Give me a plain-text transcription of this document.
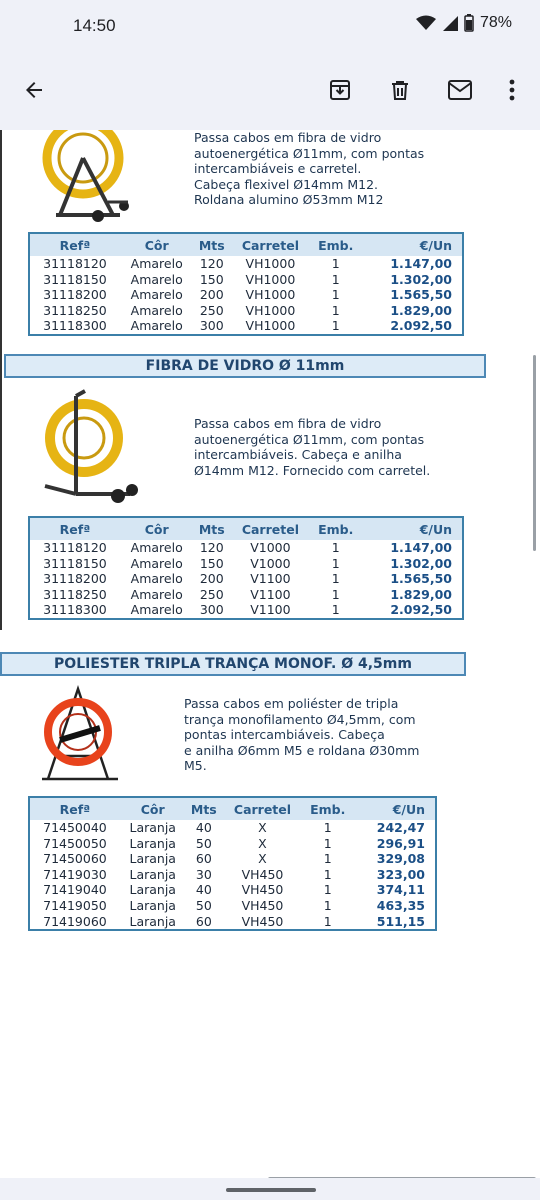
14:50	78%
Passa cabos em fibra de vidro
autoenergética Ø11mm, com pontas
intercambiáveis e carretel.
Cabeça flexivel Ø14mm M12.
Roldana alumino Ø53mm M12
Refª	Côr	Mts	Carretel	Emb.	€/Un
31118120	Amarelo	120	VH1000	1	1.147,00
31118150	Amarelo	150	VH1000	1	1.302,00
31118200	Amarelo	200	VH1000	1	1.565,50
31118250	Amarelo	250	VH1000	1	1.829,00
31118300	Amarelo	300	VH1000	1	2.092,50
FIBRA DE VIDRO Ø 11mm
Passa cabos em fibra de vidro
autoenergética Ø11mm, com pontas
intercambiáveis. Cabeça e anilha
Ø14mm M12. Fornecido com carretel.
Refª	Côr	Mts	Carretel	Emb.	€/Un
31118120	Amarelo	120	V1000	1	1.147,00
31118150	Amarelo	150	V1000	1	1.302,00
31118200	Amarelo	200	V1100	1	1.565,50
31118250	Amarelo	250	V1100	1	1.829,00
31118300	Amarelo	300	V1100	1	2.092,50
POLIESTER TRIPLA TRANÇA MONOF. Ø 4,5mm
Passa cabos em poliéster de tripla
trança monofilamento Ø4,5mm, com
pontas intercambiáveis. Cabeça
e anilha Ø6mm M5 e roldana Ø30mm
M5.
Refª	Côr	Mts	Carretel	Emb.	€/Un
71450040	Laranja	40	X	1	242,47
71450050	Laranja	50	X	1	296,91
71450060	Laranja	60	X	1	329,08
71419030	Laranja	30	VH450	1	323,00
71419040	Laranja	40	VH450	1	374,11
71419050	Laranja	50	VH450	1	463,35
71419060	Laranja	60	VH450	1	511,15
